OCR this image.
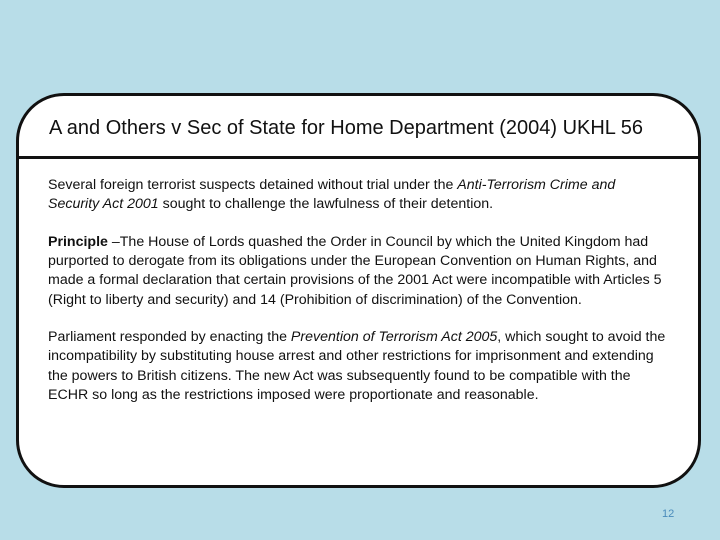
A and Others v Sec of State for Home Department (2004) UKHL 56

Several foreign terrorist suspects detained without trial under the Anti-Terrorism Crime and Security Act 2001 sought to challenge the lawfulness of their detention.

Principle –The House of Lords quashed the Order in Council by which the United Kingdom had purported to derogate from its obligations under the European Convention on Human Rights, and made a formal declaration that certain provisions of the 2001 Act were incompatible with Articles 5 (Right to liberty and security) and 14 (Prohibition of discrimination) of the Convention.

Parliament responded by enacting the Prevention of Terrorism Act 2005, which sought to avoid the incompatibility by substituting house arrest and other restrictions for imprisonment and extending the powers to British citizens. The new Act was subsequently found to be compatible with the ECHR so long as the restrictions imposed were proportionate and reasonable.

12
